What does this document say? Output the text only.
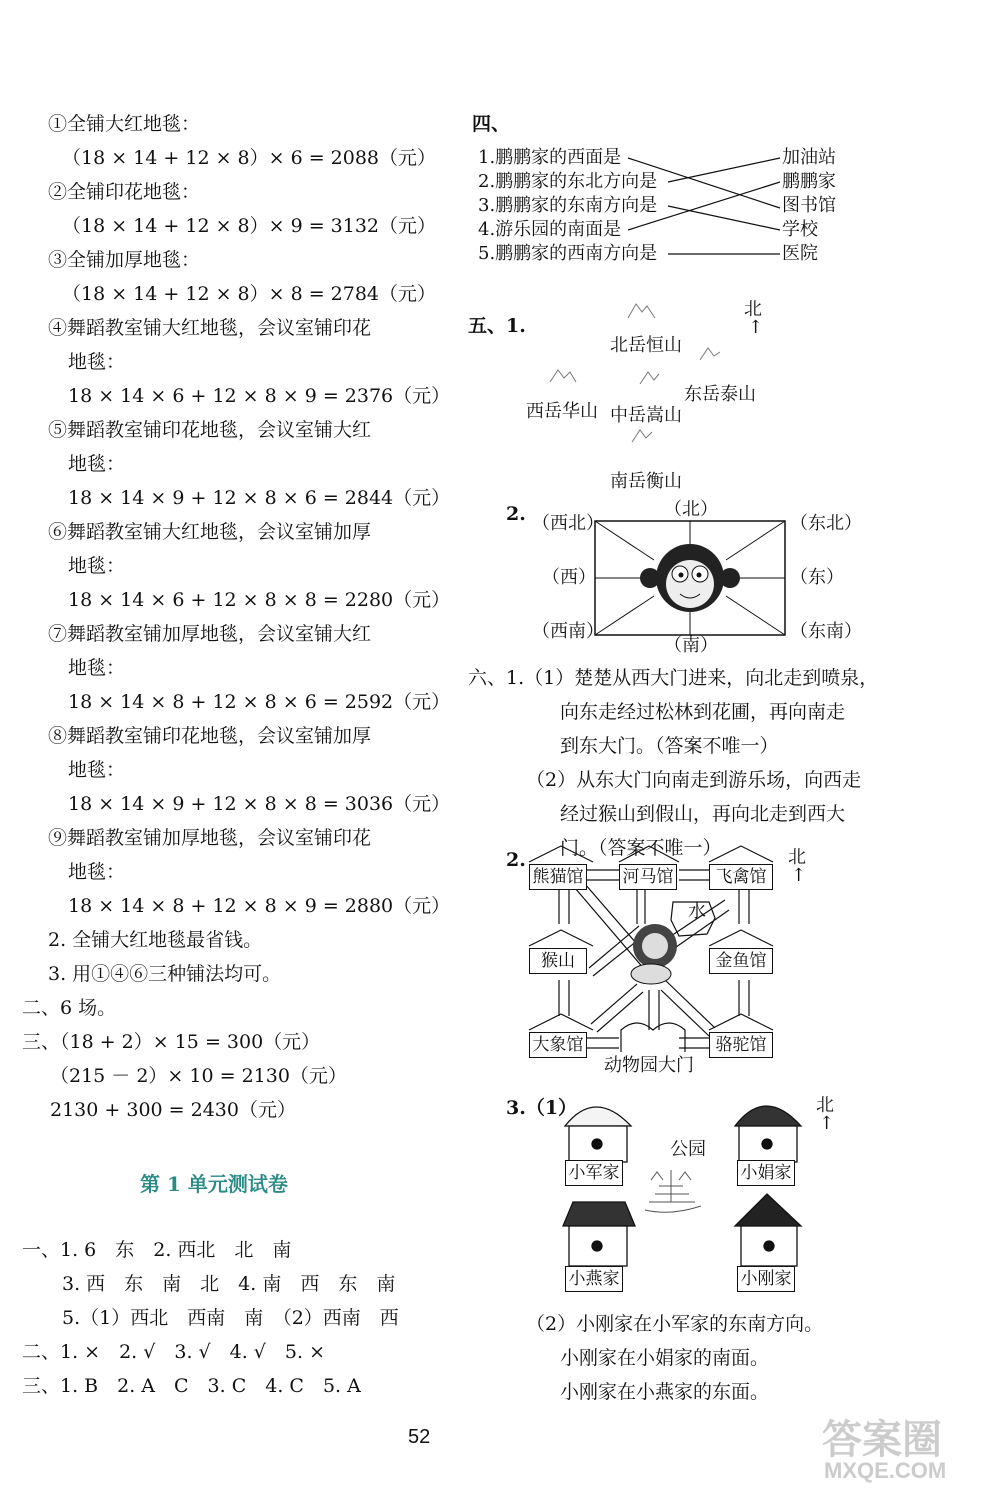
①全铺大红地毯：
（18 × 14 + 12 × 8）× 6 = 2088（元）
②全铺印花地毯：
（18 × 14 + 12 × 8）× 9 = 3132（元）
③全铺加厚地毯：
（18 × 14 + 12 × 8）× 8 = 2784（元）
④舞蹈教室铺大红地毯，会议室铺印花
地毯：
18 × 14 × 6 + 12 × 8 × 9 = 2376（元）
⑤舞蹈教室铺印花地毯，会议室铺大红
地毯：
18 × 14 × 9 + 12 × 8 × 6 = 2844（元）
⑥舞蹈教室铺大红地毯，会议室铺加厚
地毯：
18 × 14 × 6 + 12 × 8 × 8 = 2280（元）
⑦舞蹈教室铺加厚地毯，会议室铺大红
地毯：
18 × 14 × 8 + 12 × 8 × 6 = 2592（元）
⑧舞蹈教室铺印花地毯，会议室铺加厚
地毯：
18 × 14 × 9 + 12 × 8 × 8 = 3036（元）
⑨舞蹈教室铺加厚地毯，会议室铺印花
地毯：
18 × 14 × 8 + 12 × 8 × 9 = 2880（元）
2. 全铺大红地毯最省钱。
3. 用①④⑥三种铺法均可。
二、6 场。
三、（18 + 2）× 15 = 300（元）
（215 － 2）× 10 = 2130（元）
2130 + 300 = 2430（元）
第 1 单元测试卷
一、1. 6　东　2. 西北　北　南
3. 西　东　南　北　4. 南　西　东　南
5.（1）西北　西南　南　（2）西南　西
二、1. ×　2. √　3. √　4. √　5. ×
三、1. B　2. A　C　3. C　4. C　5. A
四、
1.鹏鹏家的西面是
2.鹏鹏家的东北方向是
3.鹏鹏家的东南方向是
4.游乐园的南面是
5.鹏鹏家的西南方向是
加油站
鹏鹏家
图书馆
学校
医院
五、1.
北
↑
北岳恒山
东岳泰山
西岳华山 中岳嵩山
南岳衡山
2. （西北）
（北）
（东北）
（西）	（东）
（西南）
（南）
（东南）
六、1.（1）楚楚从西大门进来，向北走到喷泉，
向东走经过松林到花圃，再向南走
到东大门。（答案不唯一）
（2）从东大门向南走到游乐场，向西走
经过猴山到假山，再向北走到西大
门。（答案不唯一）
2.	北
↑
熊猫馆 河马馆	飞禽馆
水
猴山	金鱼馆
大象馆	骆驼馆
动物园大门
3.（1）	北
↑
小军家	小娟家
小燕家	小刚家
公园
（2）小刚家在小军家的东南方向。
小刚家在小娟家的南面。
小刚家在小燕家的东面。
52	答案圈
MXQE.COM
